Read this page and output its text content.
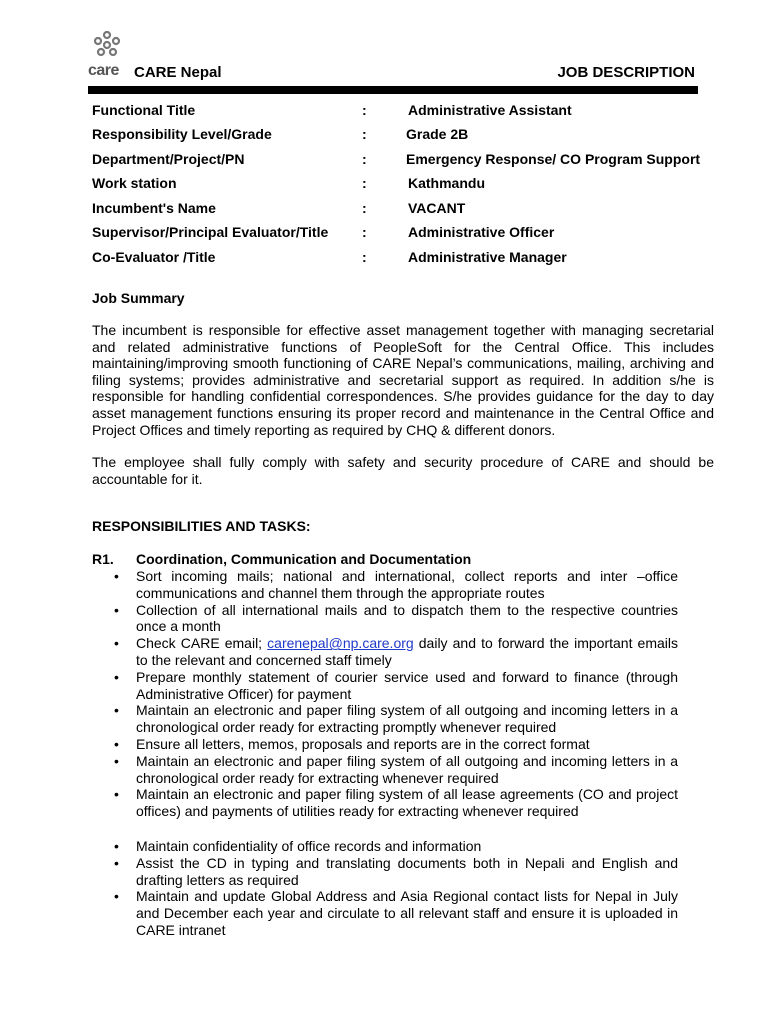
care CARE Nepal	JOB DESCRIPTION
Functional Title	:	Administrative Assistant
Responsibility Level/Grade	:	Grade 2B
Department/Project/PN	:	Emergency Response/ CO Program Support
Work station	:	Kathmandu
Incumbent's Name	:	VACANT
Supervisor/Principal Evaluator/Title :	Administrative Officer
Co-Evaluator /Title	:	Administrative Manager
Job Summary

The incumbent is responsible for effective asset management together with managing secretarial and related administrative functions of PeopleSoft for the Central Office. This includes maintaining/improving smooth functioning of CARE Nepal’s communications, mailing, archiving and filing systems; provides administrative and secretarial support as required. In addition s/he is responsible for handling confidential correspondences. S/he provides guidance for the day to day asset management functions ensuring its proper record and maintenance in the Central Office and Project Offices and timely reporting as required by CHQ & different donors.

The employee shall fully comply with safety and security procedure of CARE and should be accountable for it.

RESPONSIBILITIES AND TASKS:
R1. Coordination, Communication and Documentation
• Sort incoming mails; national and international, collect reports and inter –office communications and channel them through the appropriate routes
• Collection of all international mails and to dispatch them to the respective countries once a month
• Check CARE email; carenepal@np.care.org daily and to forward the important emails to the relevant and concerned staff timely
• Prepare monthly statement of courier service used and forward to finance (through Administrative Officer) for payment
• Maintain an electronic and paper filing system of all outgoing and incoming letters in a chronological order ready for extracting promptly whenever required
• Ensure all letters, memos, proposals and reports are in the correct format
• Maintain an electronic and paper filing system of all outgoing and incoming letters in a chronological order ready for extracting whenever required
• Maintain an electronic and paper filing system of all lease agreements (CO and project offices) and payments of utilities ready for extracting whenever required
• Maintain confidentiality of office records and information
• Assist the CD in typing and translating documents both in Nepali and English and drafting letters as required
• Maintain and update Global Address and Asia Regional contact lists for Nepal in July and December each year and circulate to all relevant staff and ensure it is uploaded in CARE intranet
